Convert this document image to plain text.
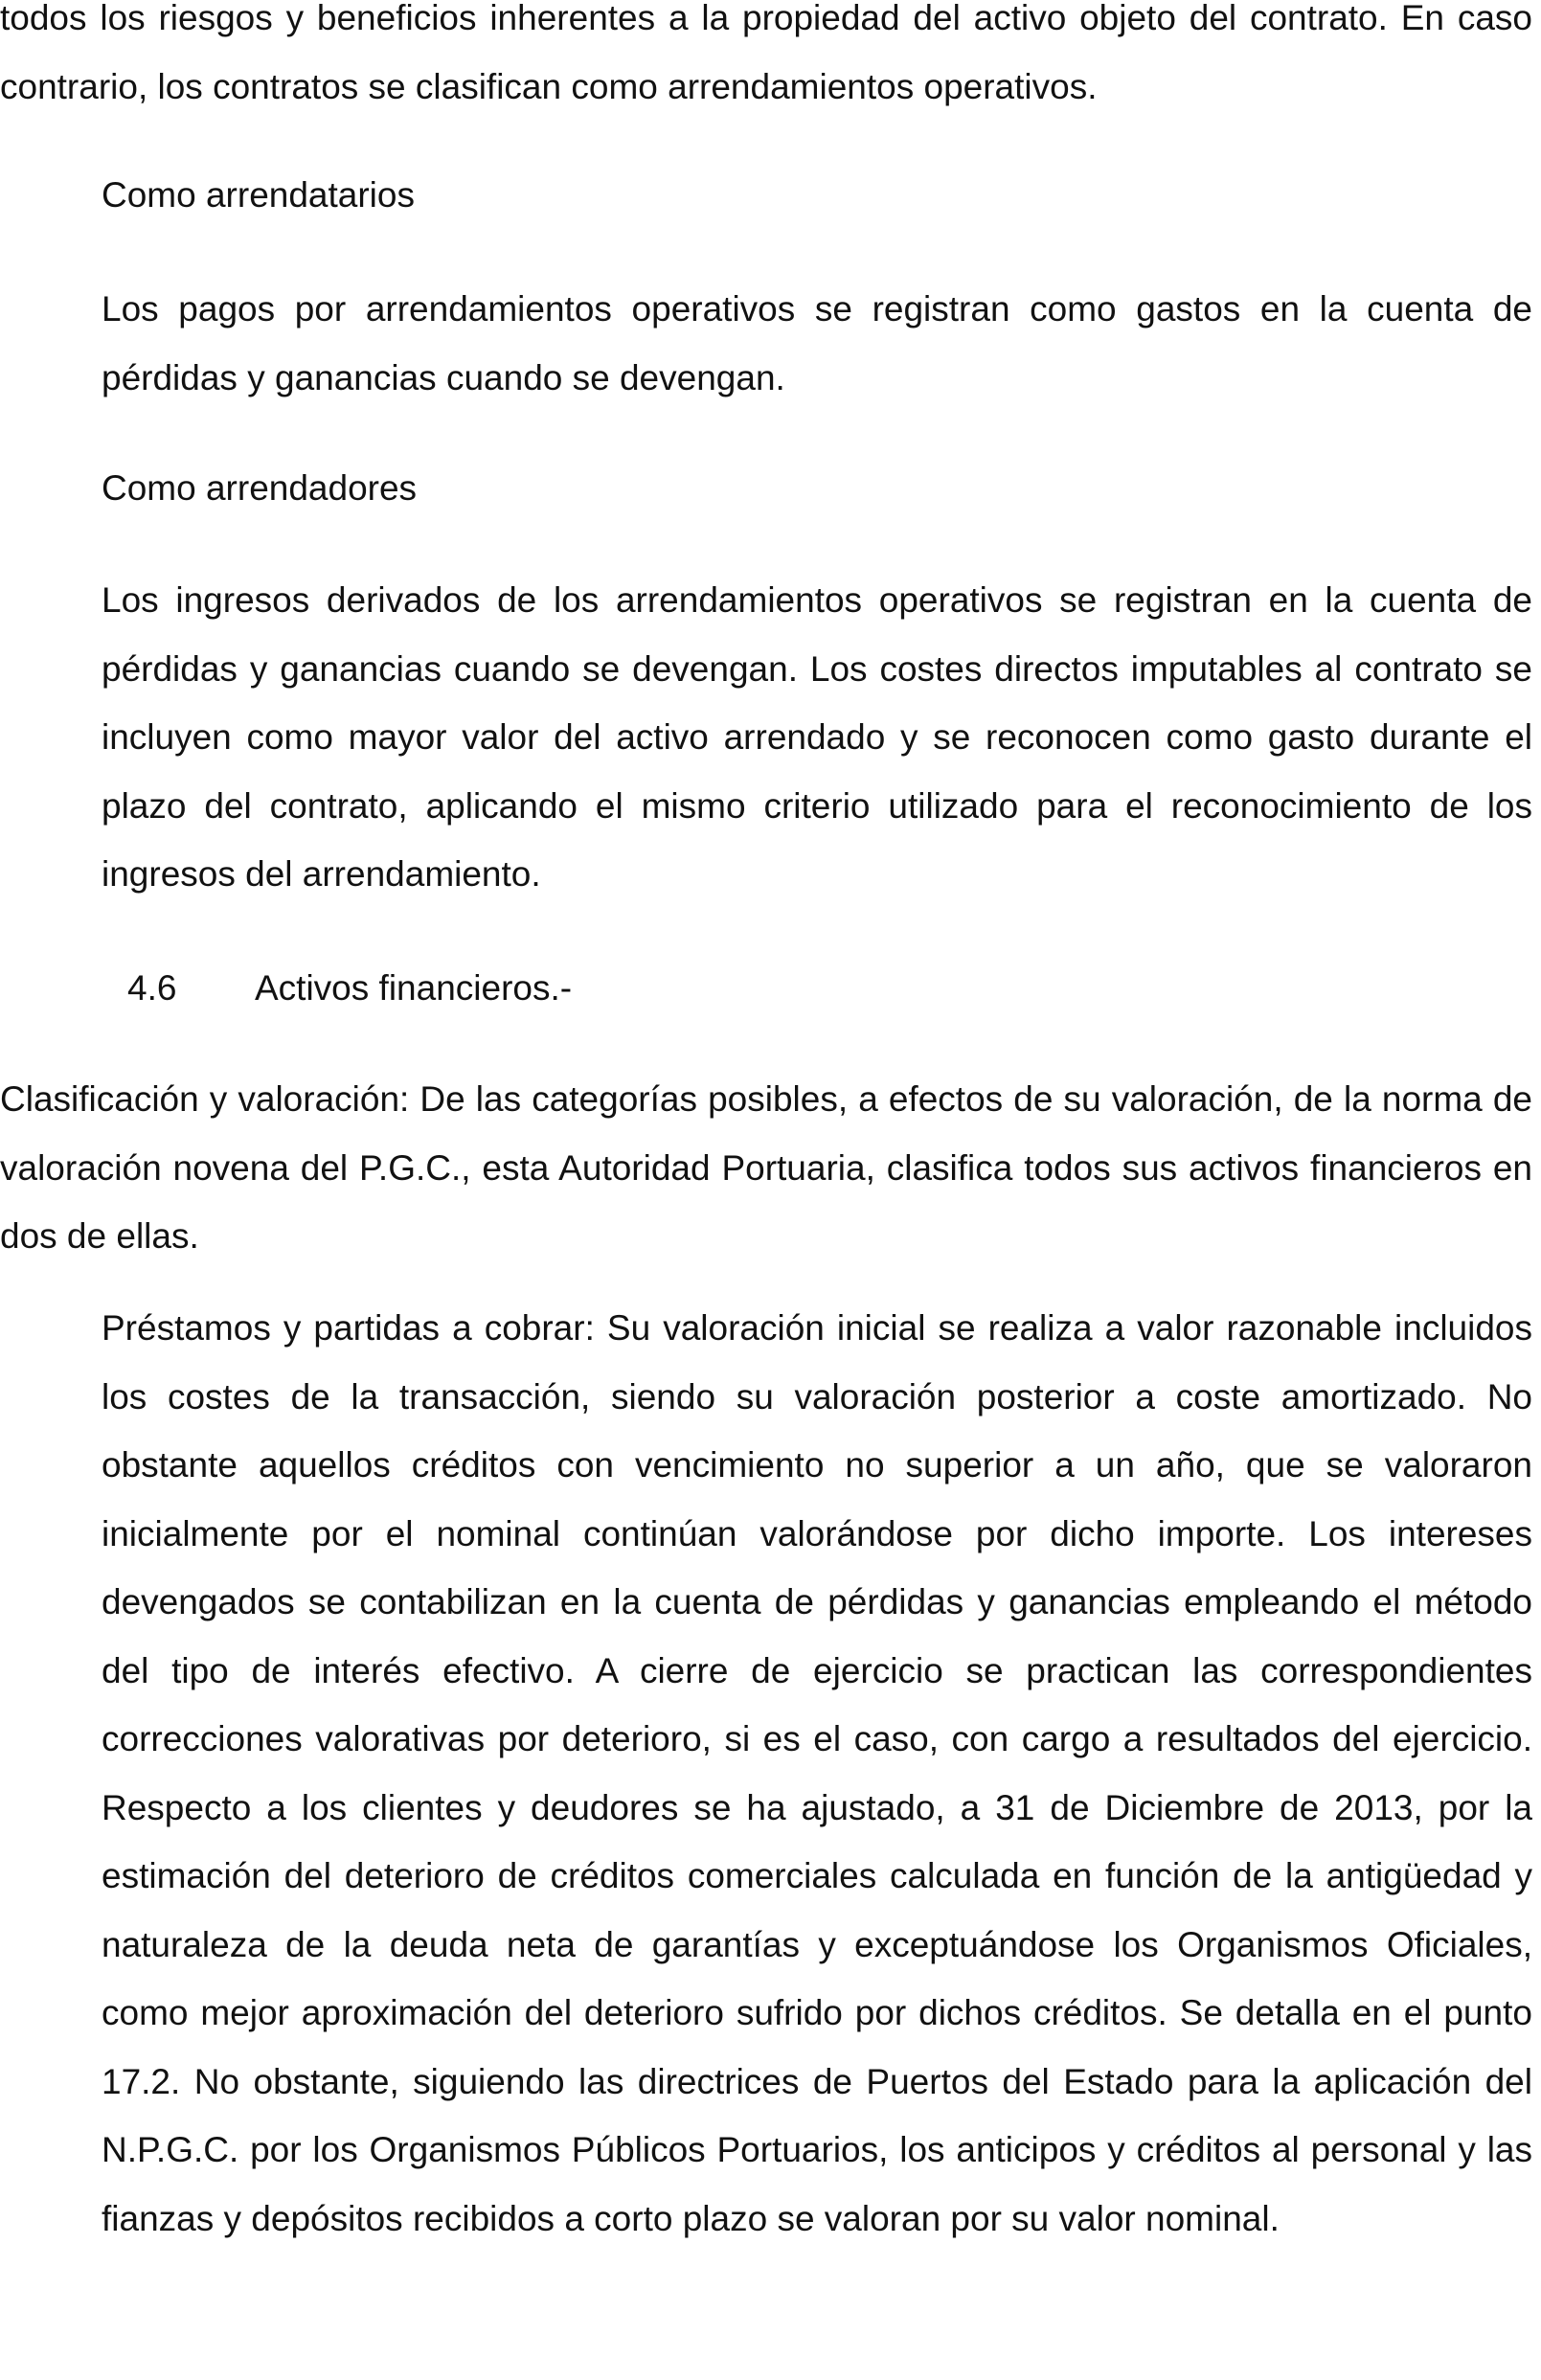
todos los riesgos y beneficios inherentes a la propiedad del activo objeto del contrato. En caso contrario, los contratos se clasifican como arrendamientos operativos.

Como arrendatarios

Los pagos por arrendamientos operativos se registran como gastos en la cuenta de pérdidas y ganancias cuando se devengan.

Como arrendadores

Los ingresos derivados de los arrendamientos operativos se registran en la cuenta de pérdidas y ganancias cuando se devengan. Los costes directos imputables al contrato se incluyen como mayor valor del activo arrendado y se reconocen como gasto durante el plazo del contrato, aplicando el mismo criterio utilizado para el reconocimiento de los ingresos del arrendamiento.

4.6 Activos financieros.-

Clasificación y valoración: De las categorías posibles, a efectos de su valoración, de la norma de valoración novena del P.G.C., esta Autoridad Portuaria, clasifica todos sus activos financieros en dos de ellas.

Préstamos y partidas a cobrar: Su valoración inicial se realiza a valor razonable incluidos los costes de la transacción, siendo su valoración posterior a coste amortizado. No obstante aquellos créditos con vencimiento no superior a un año, que se valoraron inicialmente por el nominal continúan valorándose por dicho importe. Los intereses devengados se contabilizan en la cuenta de pérdidas y ganancias empleando el método del tipo de interés efectivo. A cierre de ejercicio se practican las correspondientes correcciones valorativas por deterioro, si es el caso, con cargo a resultados del ejercicio. Respecto a los clientes y deudores se ha ajustado, a 31 de Diciembre de 2013, por la estimación del deterioro de créditos comerciales calculada en función de la antigüedad y naturaleza de la deuda neta de garantías y exceptuándose los Organismos Oficiales, como mejor aproximación del deterioro sufrido por dichos créditos. Se detalla en el punto 17.2. No obstante, siguiendo las directrices de Puertos del Estado para la aplicación del N.P.G.C. por los Organismos Públicos Portuarios, los anticipos y créditos al personal y las fianzas y depósitos recibidos a corto plazo se valoran por su valor nominal.
